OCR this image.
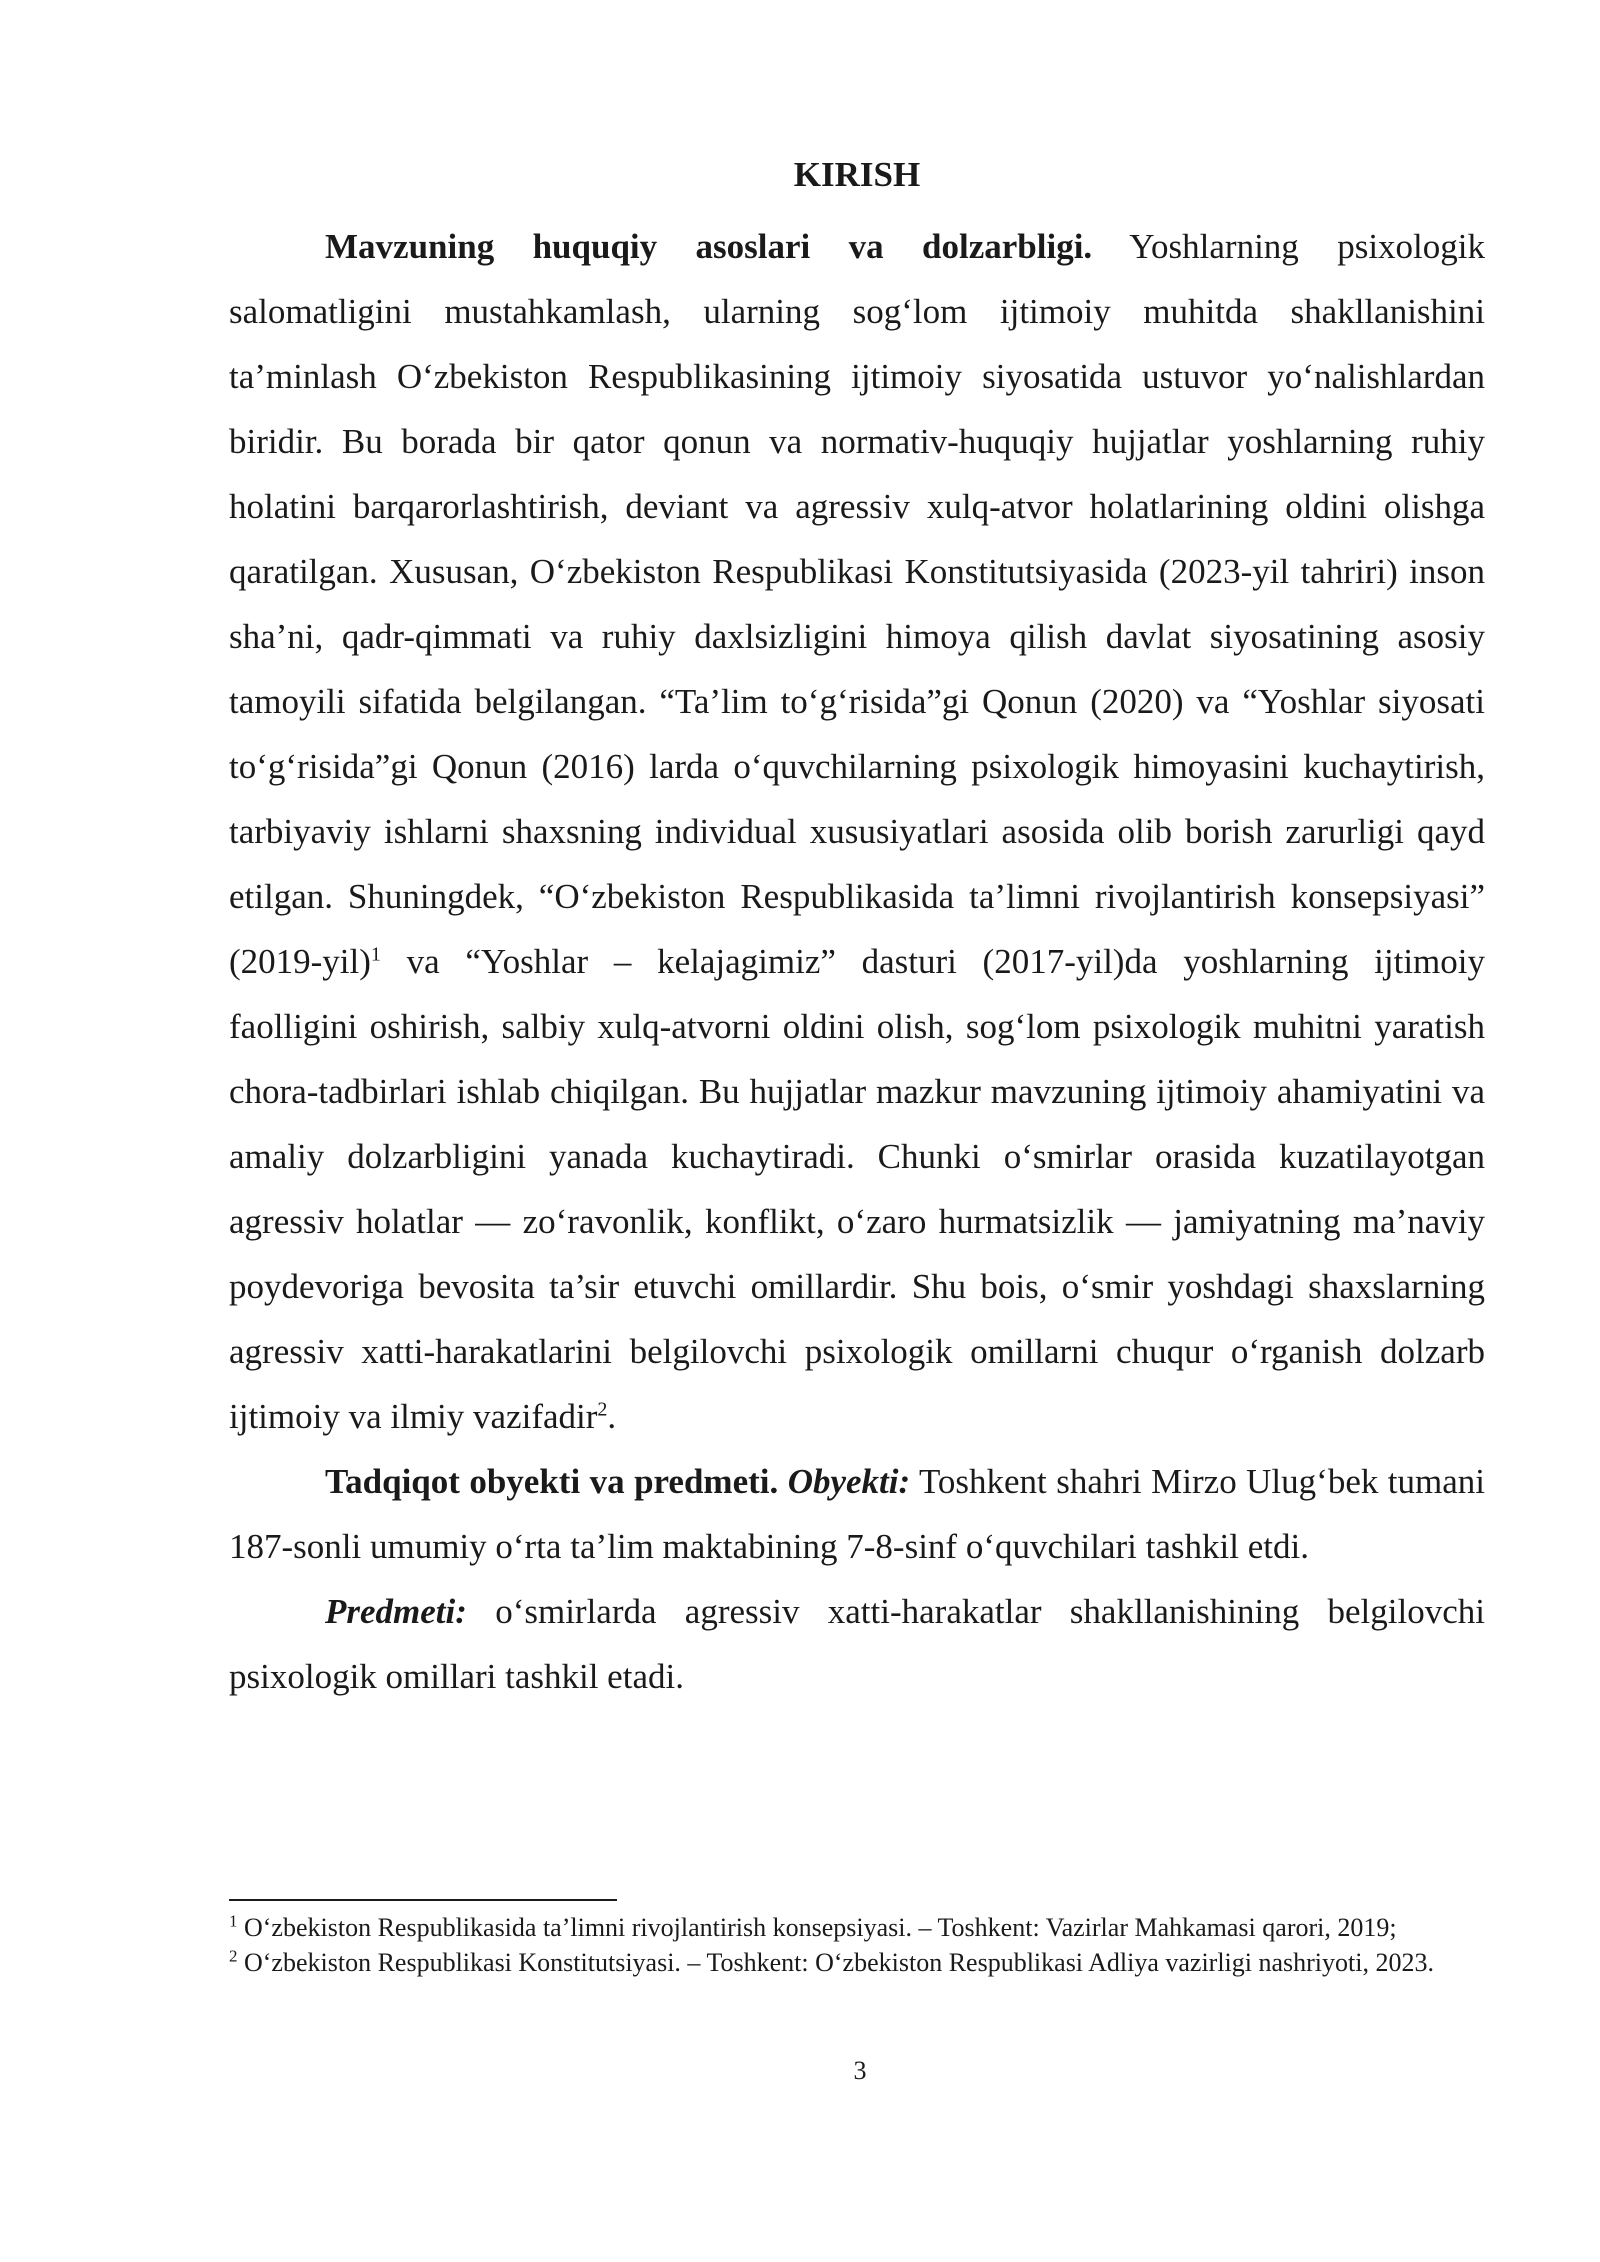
KIRISH

Mavzuning huquqiy asoslari va dolzarbligi. Yoshlarning psixologik salomatligini mustahkamlash, ularning sog‘lom ijtimoiy muhitda shakllanishini ta’minlash O‘zbekiston Respublikasining ijtimoiy siyosatida ustuvor yo‘nalishlardan biridir. Bu borada bir qator qonun va normativ-huquqiy hujjatlar yoshlarning ruhiy holatini barqarorlashtirish, deviant va agressiv xulq-atvor holatlarining oldini olishga qaratilgan. Xususan, O‘zbekiston Respublikasi Konstitutsiyasida (2023-yil tahriri) inson sha’ni, qadr-qimmati va ruhiy daxlsizligini himoya qilish davlat siyosatining asosiy tamoyili sifatida belgilangan. “Ta’lim to‘g‘risida”gi Qonun (2020) va “Yoshlar siyosati to‘g‘risida”gi Qonun (2016) larda o‘quvchilarning psixologik himoyasini kuchaytirish, tarbiyaviy ishlarni shaxsning individual xususiyatlari asosida olib borish zarurligi qayd etilgan. Shuningdek, “O‘zbekiston Respublikasida ta’limni rivojlantirish konsepsiyasi” $(2019-yil)^1$ va “Yoshlar – kelajagimiz” dasturi (2017-yil)da yoshlarning ijtimoiy faolligini oshirish, salbiy xulq-atvorni oldini olish, sog‘lom psixologik muhitni yaratish chora-tadbirlari ishlab chiqilgan. Bu hujjatlar mazkur mavzuning ijtimoiy ahamiyatini va amaliy dolzarbligini yanada kuchaytiradi. Chunki o‘smirlar orasida kuzatilayotgan agressiv holatlar — zo‘ravonlik, konflikt, o‘zaro hurmatsizlik — jamiyatning ma’naviy poydevoriga bevosita ta’sir etuvchi omillardir. Shu bois, o‘smir yoshdagi shaxslarning agressiv xatti-harakatlarini belgilovchi psixologik omillarni chuqur o‘rganish dolzarb ijtimoiy va ilmiy vazifadir$^2$.

Tadqiqot obyekti va predmeti. Obyekti: Toshkent shahri Mirzo Ulug‘bek tumani 187-sonli umumiy o‘rta ta’lim maktabining 7-8-sinf o‘quvchilari tashkil etdi.

Predmeti: o‘smirlarda agressiv xatti-harakatlar shakllanishining belgilovchi psixologik omillari tashkil etadi.

$^1$ O‘zbekiston Respublikasida ta’limni rivojlantirish konsepsiyasi. – Toshkent: Vazirlar Mahkamasi qarori, 2019;

$^2$ O‘zbekiston Respublikasi Konstitutsiyasi. – Toshkent: O‘zbekiston Respublikasi Adliya vazirligi nashriyoti, 2023.

3
